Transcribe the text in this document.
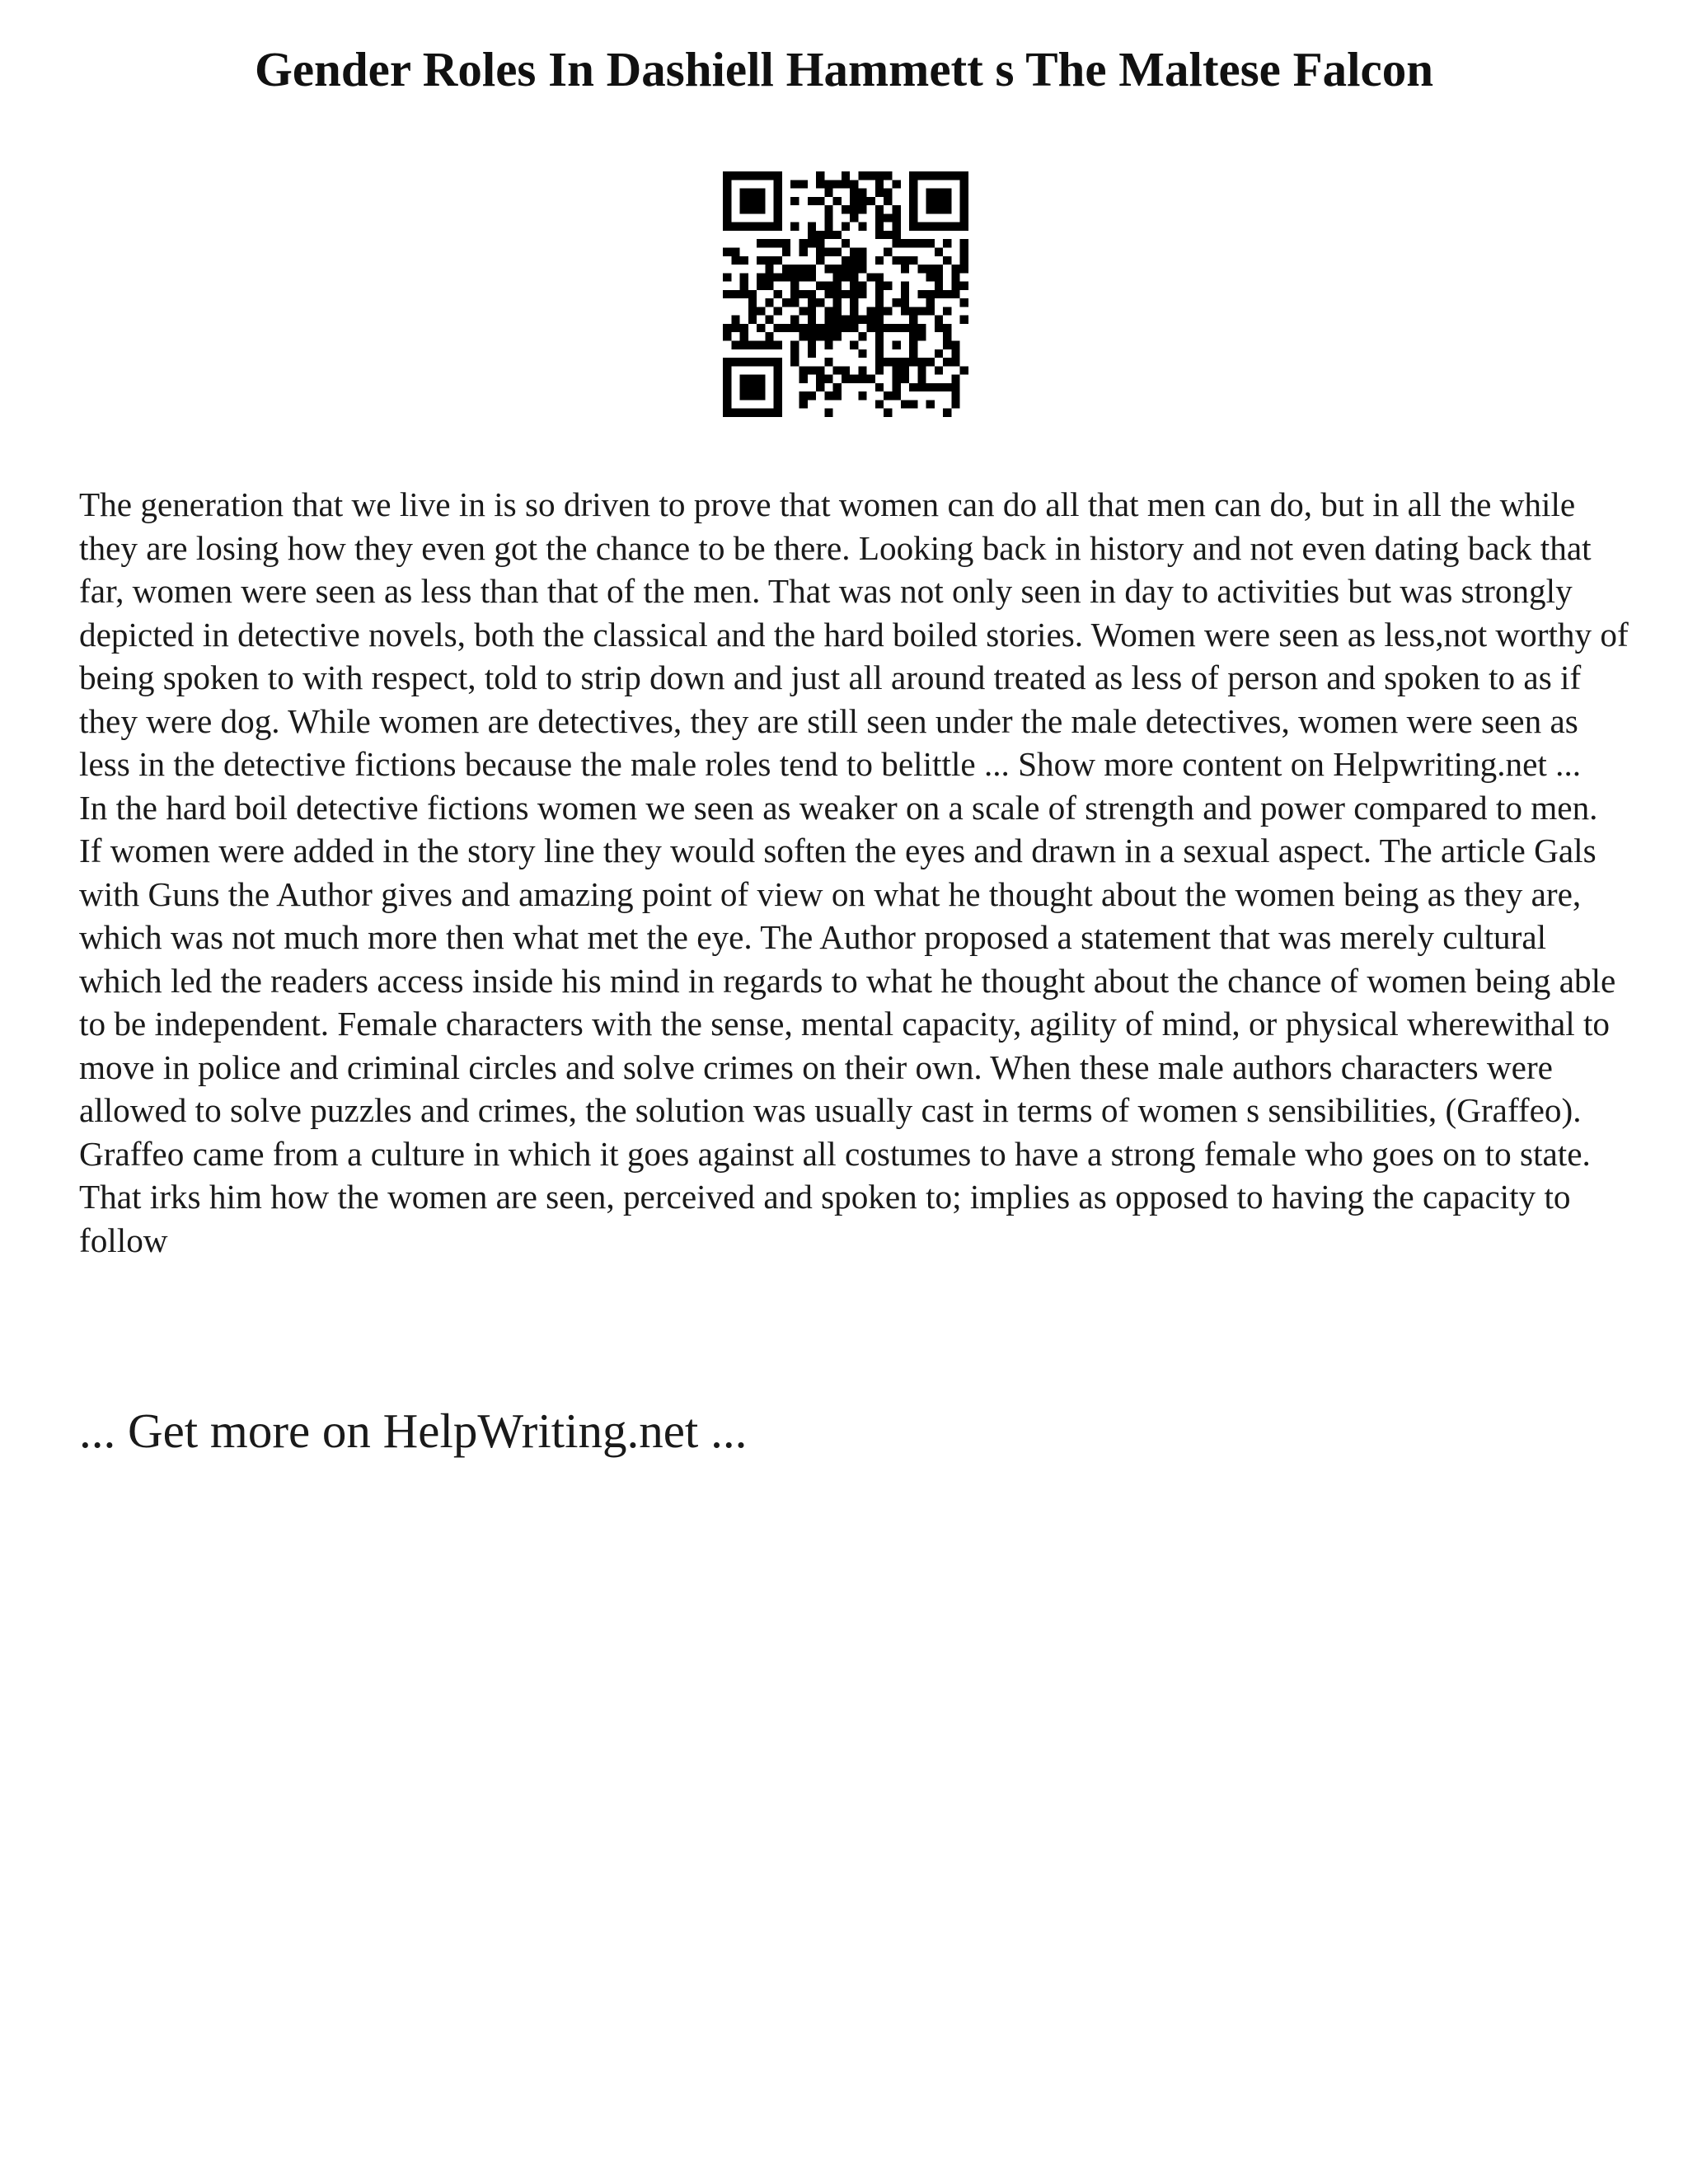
Gender Roles In Dashiell Hammett s The Maltese Falcon

The generation that we live in is so driven to prove that women can do all that men can do, but in all the while they are losing how they even got the chance to be there. Looking back in history and not even dating back that far, women were seen as less than that of the men. That was not only seen in day to activities but was strongly depicted in detective novels, both the classical and the hard boiled stories. Women were seen as less,not worthy of being spoken to with respect, told to strip down and just all around treated as less of person and spoken to as if they were dog. While women are detectives, they are still seen under the male detectives, women were seen as less in the detective fictions because the male roles tend to belittle ... Show more content on Helpwriting.net ...

In the hard boil detective fictions women we seen as weaker on a scale of strength and power compared to men. If women were added in the story line they would soften the eyes and drawn in a sexual aspect. The article Gals with Guns the Author gives and amazing point of view on what he thought about the women being as they are, which was not much more then what met the eye. The Author proposed a statement that was merely cultural which led the readers access inside his mind in regards to what he thought about the chance of women being able to be independent. Female characters with the sense, mental capacity, agility of mind, or physical wherewithal to move in police and criminal circles and solve crimes on their own. When these male authors characters were allowed to solve puzzles and crimes, the solution was usually cast in terms of women s sensibilities, (Graffeo). Graffeo came from a culture in which it goes against all costumes to have a strong female who goes on to state. That irks him how the women are seen, perceived and spoken to; implies as opposed to having the capacity to follow

... Get more on HelpWriting.net ...
